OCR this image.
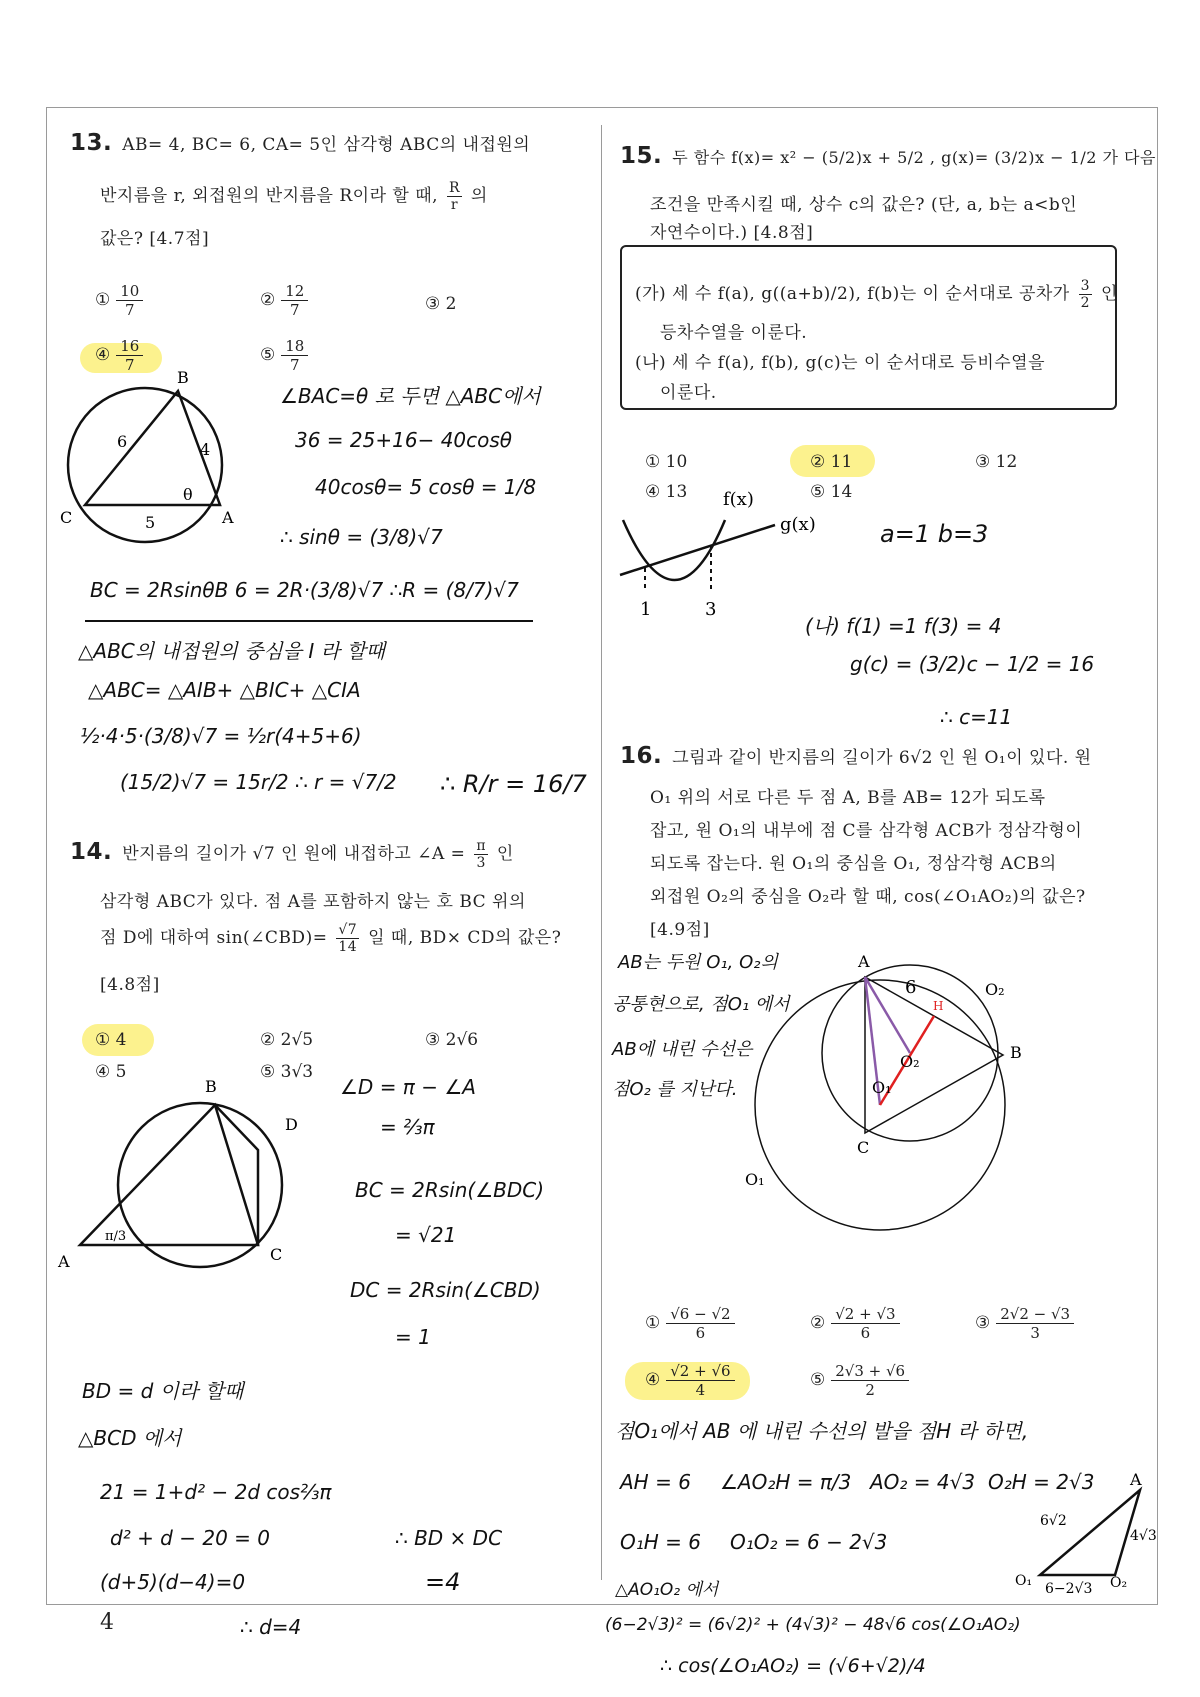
13. AB= 4, BC= 6, CA= 5인 삼각형 ABC의 내접원의
반지름을 r, 외접원의 반지름을 R이라 할 때, $\frac{R}{r}$ 의
값은? [4.7점]
① $\frac{10}{7}$	② $\frac{12}{7}$	③ 2
④ $\frac{16}{7}$	⑤ $\frac{18}{7}$
B
C	A
6	4
5
θ
∠BAC=θ 로 두면 △ABC에서
36 = 25+16− 40cosθ
40cosθ= 5 cosθ = 1/8
∴ sinθ = (3/8)√7
BC = 2RsinθB 6 = 2R·(3/8)√7 ∴R = (8/7)√7
△ABC의 내접원의 중심을 I 라 할때
△ABC= △AIB+ △BIC+ △CIA
½·4·5·(3/8)√7 = ½r(4+5+6)
(15/2)√7 = 15r/2 ∴ r = √7/2 ∴ R/r = 16/7
14. 반지름의 길이가 √7 인 원에 내접하고 ∠A = $\frac{\pi}{3}$ 인
삼각형 ABC가 있다. 점 A를 포함하지 않는 호 BC 위의
점 D에 대하여 sin(∠CBD)= $\frac{√7}{14}$ 일 때, BD× CD의 값은?
[4.8점]
① 4	② 2√5	③ 2√6
④ 5	⑤ 3√3
B
D
A	C
π/3
∠D = π − ∠A
= ⅔π
BC = 2Rsin(∠BDC)
= √21
DC = 2Rsin(∠CBD)
= 1
BD = d 이라 할때
△BCD 에서
21 = 1+d² − 2d cos⅔π
d² + d − 20 = 0
(d+5)(d−4)=0
∴ d=4
∴ BD × DC
=4
15. 두 함수 f(x)= x² − (5/2)x + 5/2 , g(x)= (3/2)x − 1/2 가 다음
조건을 만족시킬 때, 상수 c의 값은? (단, a, b는 a<b인
자연수이다.) [4.8점]
(가) 세 수 f(a), g((a+b)/2), f(b)는 이 순서대로 공차가 $\frac{3}{2}$ 인
등차수열을 이룬다.
(나) 세 수 f(a), f(b), g(c)는 이 순서대로 등비수열을
이룬다.
① 10	② 11	③ 12
④ 13	⑤ 14
f(x)
g(x)
1	3
a=1 b=3
(나) f(1) =1 f(3) = 4
g(c) = (3/2)c − 1/2 = 16
∴ c=11
16. 그림과 같이 반지름의 길이가 6√2 인 원 O₁이 있다. 원
O₁ 위의 서로 다른 두 점 A, B를 AB= 12가 되도록
잡고, 원 O₁의 내부에 점 C를 삼각형 ACB가 정삼각형이
되도록 잡는다. 원 O₁의 중심을 O₁, 정삼각형 ACB의
외접원 O₂의 중심을 O₂라 할 때, cos(∠O₁AO₂)의 값은?
[4.9점]
AB는 두원 O₁, O₂의
공통현으로, 점O₁ 에서
AB에 내린 수선은
점O₂ 를 지난다.
A
B
C
O₂
O₁
O₂
O₁
6
H
① $\frac{√6 - √2}{6}$	② $\frac{√2 + √3}{6}$	③ $\frac{2√2 - √3}{3}$
④ $\frac{√2 + √6}{4}$	⑤ $\frac{2√3 + √6}{2}$
점O₁에서 AB 에 내린 수선의 발을 점H 라 하면,
AH = 6 ∠AO₂H = π/3 AO₂ = 4√3 O₂H = 2√3
O₁H = 6 O₁O₂ = 6 − 2√3
△AO₁O₂ 에서
(6−2√3)² = (6√2)² + (4√3)² − 48√6 cos(∠O₁AO₂)
∴ cos(∠O₁AO₂) = (√6+√2)/4
A
O₁	O₂
6√2
4√3
6−2√3
4
